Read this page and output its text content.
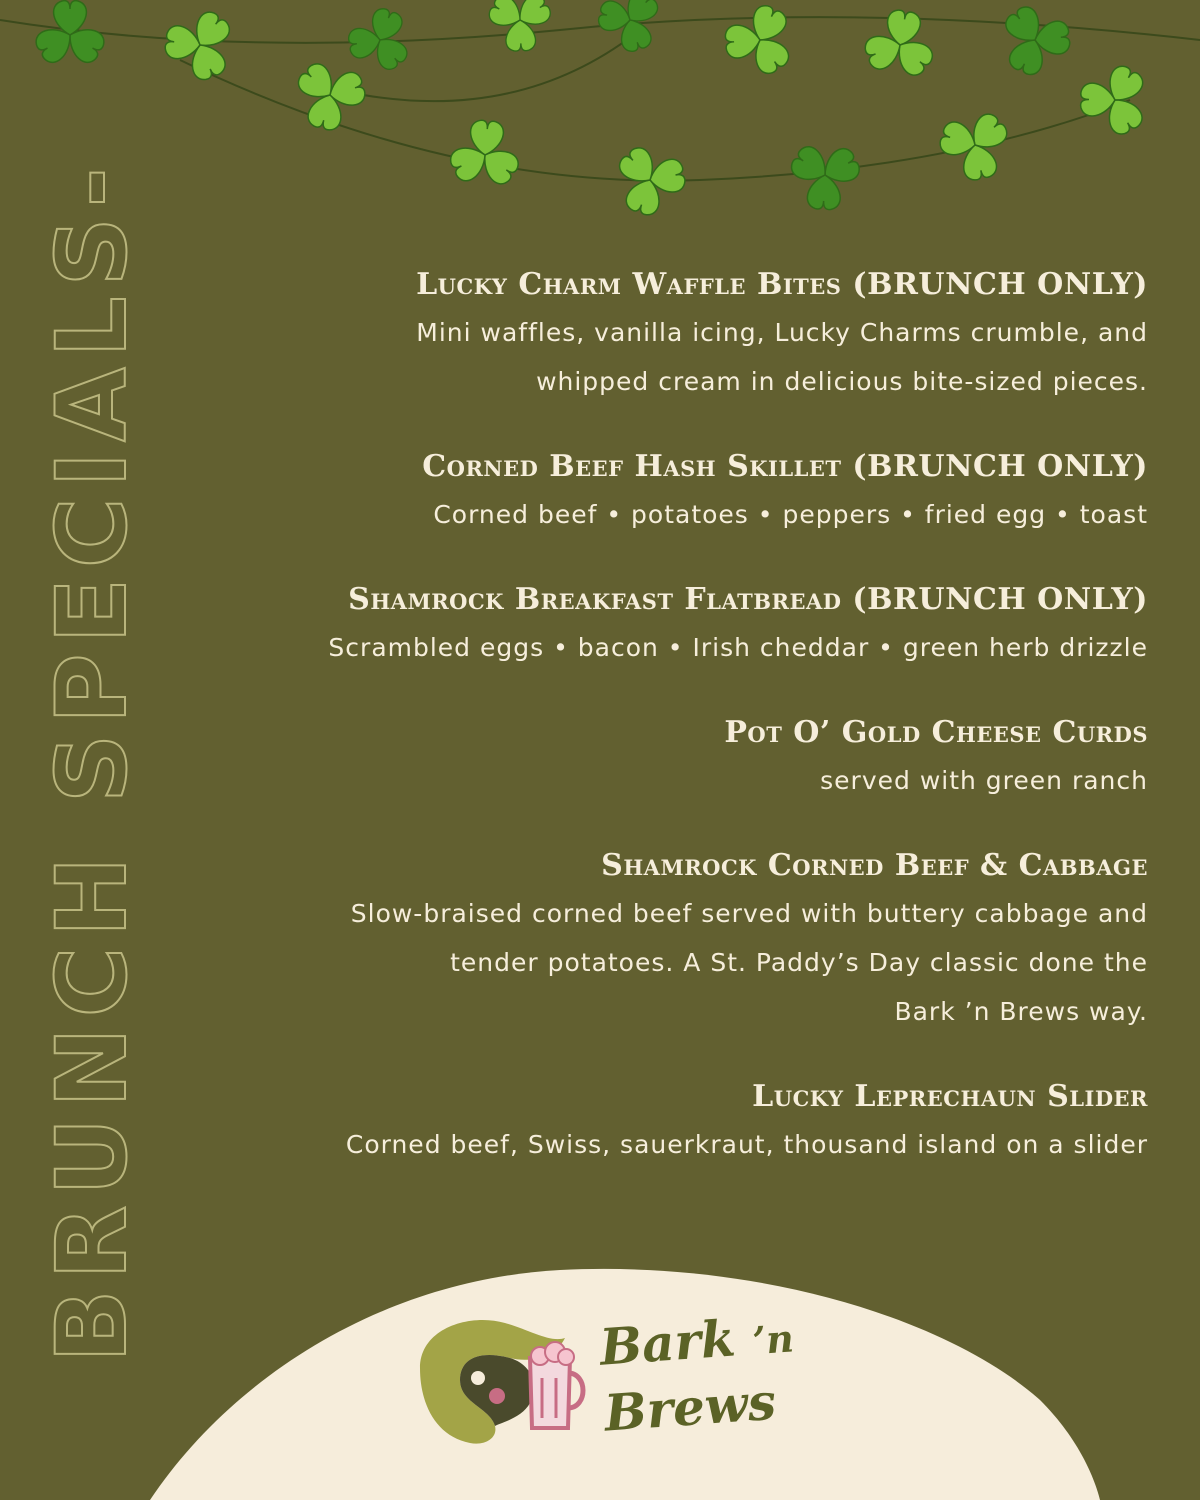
BRUNCH SPECIALS-	Lucky Charm Waffle Bites (BRUNCH ONLY)
Mini waffles, vanilla icing, Lucky Charms crumble, and
whipped cream in delicious bite-sized pieces.
Corned Beef Hash Skillet (BRUNCH ONLY)
Corned beef • potatoes • peppers • fried egg • toast
Shamrock Breakfast Flatbread (BRUNCH ONLY)
Scrambled eggs • bacon • Irish cheddar • green herb drizzle
Pot O’ Gold Cheese Curds
served with green ranch
Shamrock Corned Beef & Cabbage
Slow-braised corned beef served with buttery cabbage and
tender potatoes. A St. Paddy’s Day classic done the
Bark ’n Brews way.
Lucky Leprechaun Slider
Corned beef, Swiss, sauerkraut, thousand island on a slider
Bark ’n
Brews
